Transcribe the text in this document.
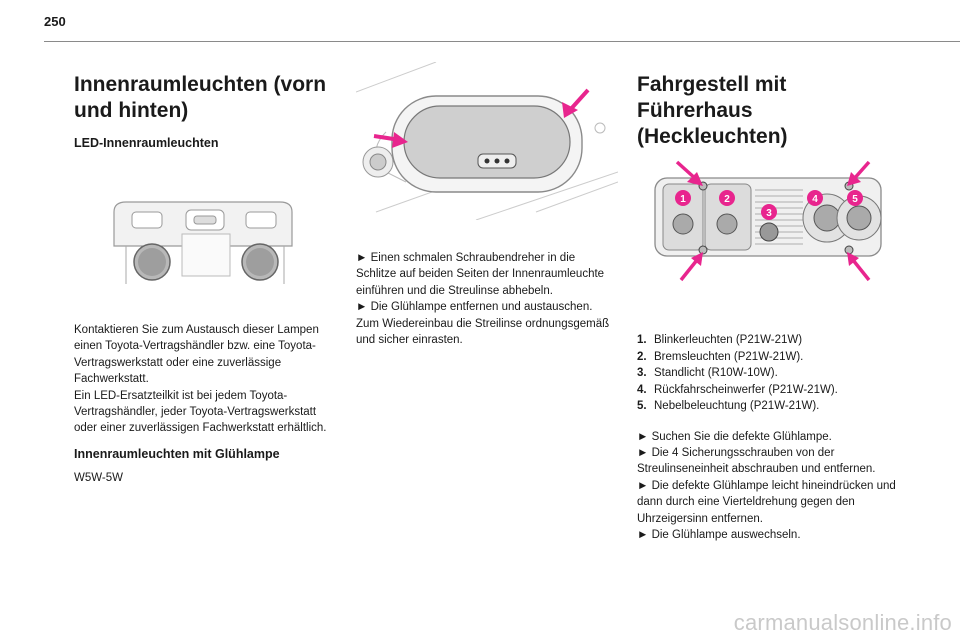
250
Innenraumleuchten (vorn und hinten)
LED-Innenraumleuchten

Kontaktieren Sie zum Austausch dieser Lampen einen Toyota-Vertragshändler bzw. eine Toyota-Vertragswerkstatt oder eine zuverlässige Fachwerkstatt.

Ein LED-Ersatzteilkit ist bei jedem Toyota-Vertragshändler, jeder Toyota-Vertragswerkstatt oder einer zuverlässigen Fachwerkstatt erhältlich.

Innenraumleuchten mit Glühlampe

W5W-5W

► Einen schmalen Schraubendreher in die Schlitze auf beiden Seiten der Innenraumleuchte einführen und die Streulinse abhebeln.

► Die Glühlampe entfernen und austauschen.

Zum Wiedereinbau die Streilinse ordnungsgemäß und sicher einrasten.

Fahrgestell mit Führerhaus (Heckleuchten)
1	2
3
4	5
1. Blinkerleuchten (P21W-21W)
2. Bremsleuchten (P21W-21W).
3. Standlicht (R10W-10W).
4. Rückfahrscheinwerfer (P21W-21W).
5. Nebelbeleuchtung (P21W-21W).

► Suchen Sie die defekte Glühlampe.

► Die 4 Sicherungsschrauben von der Streulinseneinheit abschrauben und entfernen.

► Die defekte Glühlampe leicht hineindrücken und dann durch eine Vierteldrehung gegen den Uhrzeigersinn entfernen.

► Die Glühlampe auswechseln.

carmanualsonline.info
